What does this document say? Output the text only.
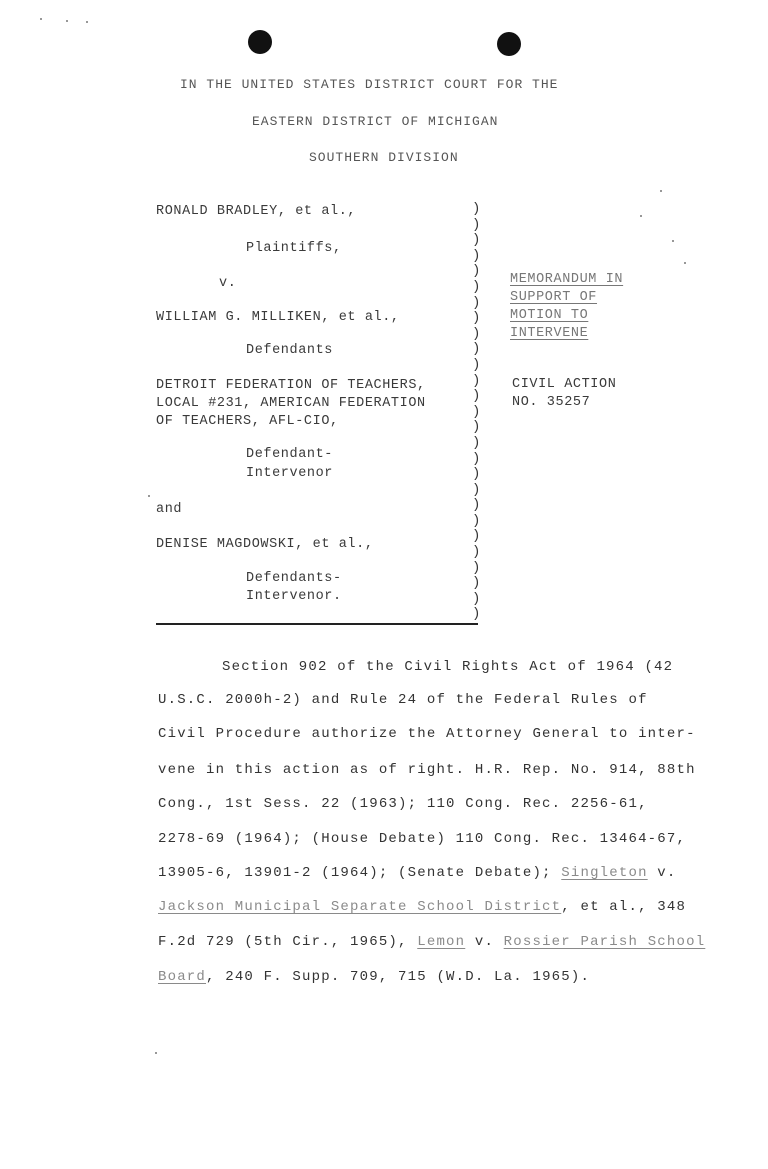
IN THE UNITED STATES DISTRICT COURT FOR THE
EASTERN DISTRICT OF MICHIGAN
SOUTHERN DIVISION
RONALD BRADLEY, et al.,
Plaintiffs,
v.
WILLIAM G. MILLIKEN, et al.,
Defendants
DETROIT FEDERATION OF TEACHERS,
LOCAL #231, AMERICAN FEDERATION
OF TEACHERS, AFL-CIO,
Defendant-
Intervenor
and
DENISE MAGDOWSKI, et al.,
Defendants-
Intervenor.
)
)
)
)
)
)
)
)
)
)
)
)
)
)
)
)
)
)
)
)
)
)
)
)
)
)
)
MEMORANDUM IN
SUPPORT OF
MOTION TO
INTERVENE
CIVIL ACTION
NO. 35257
Section 902 of the Civil Rights Act of 1964 (42
U.S.C. 2000h-2) and Rule 24 of the Federal Rules of
Civil Procedure authorize the Attorney General to inter-
vene in this action as of right. H.R. Rep. No. 914, 88th
Cong., 1st Sess. 22 (1963); 110 Cong. Rec. 2256-61,
2278-69 (1964); (House Debate) 110 Cong. Rec. 13464-67,
13905-6, 13901-2 (1964); (Senate Debate); Singleton v.
Jackson Municipal Separate School District, et al., 348
F.2d 729 (5th Cir., 1965), Lemon v. Rossier Parish School
Board, 240 F. Supp. 709, 715 (W.D. La. 1965).
